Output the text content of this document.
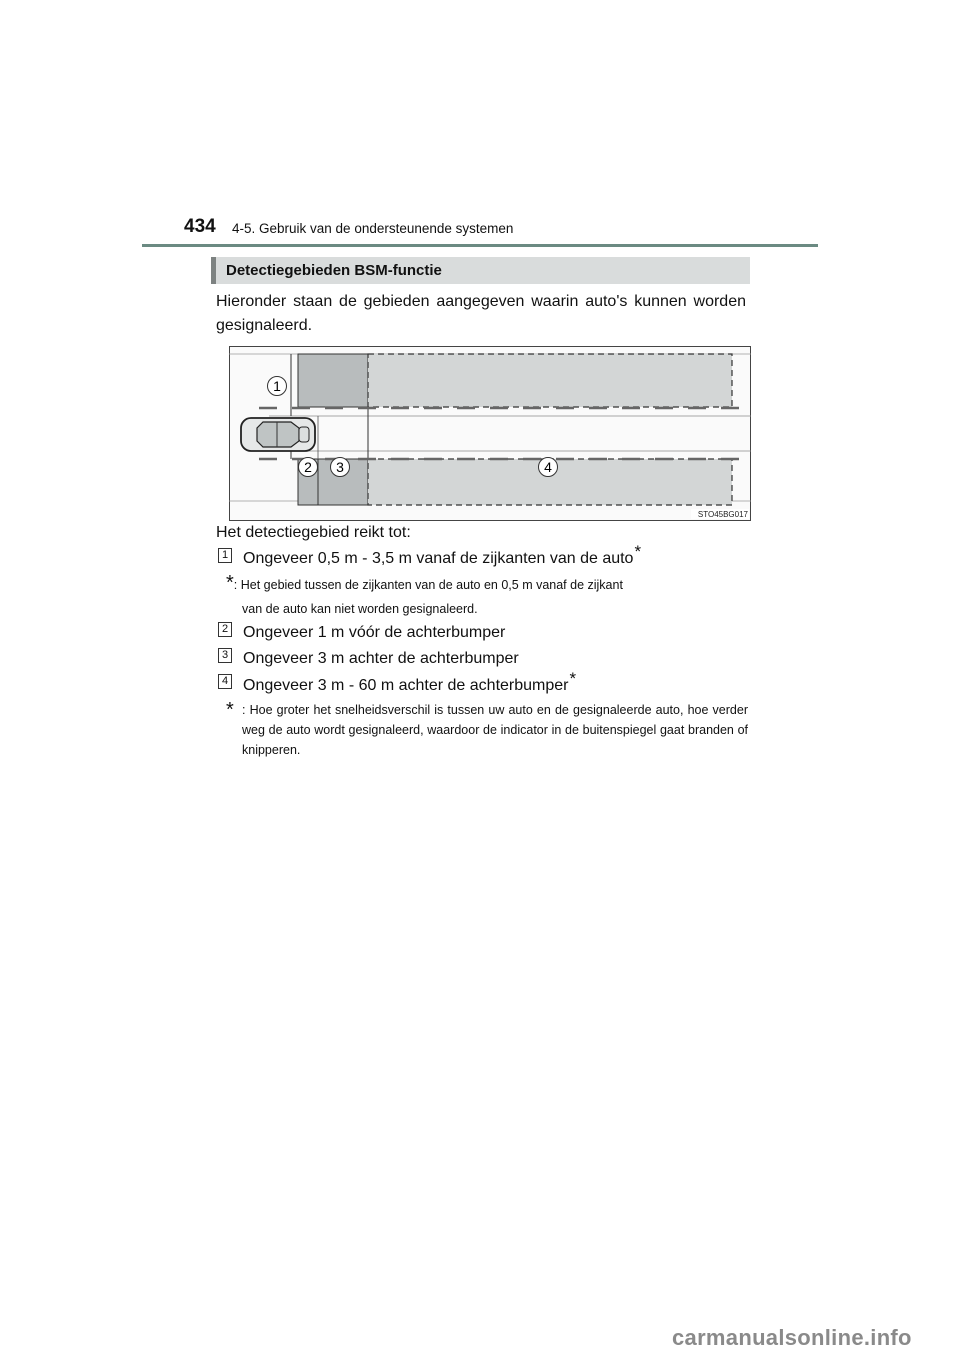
434 4-5. Gebruik van de ondersteunende systemen
Detectiegebieden BSM-functie
Hieronder staan de gebieden aangegeven waarin auto's kunnen worden gesignaleerd.
1
2 3	4
STO45BG017
Het detectiegebied reikt tot:
1 Ongeveer 0,5 m - 3,5 m vanaf de zijkanten van de auto*
*: Het gebied tussen de zijkanten van de auto en 0,5 m vanaf de zijkant
van de auto kan niet worden gesignaleerd.
2 Ongeveer 1 m vóór de achterbumper
3 Ongeveer 3 m achter de achterbumper
4 Ongeveer 3 m - 60 m achter de achterbumper*
* : Hoe groter het snelheidsverschil is tussen uw auto en de gesignaleerde auto, hoe verder weg de auto wordt gesignaleerd, waardoor de indicator in de buitenspiegel gaat branden of knipperen.
carmanualsonline.info
